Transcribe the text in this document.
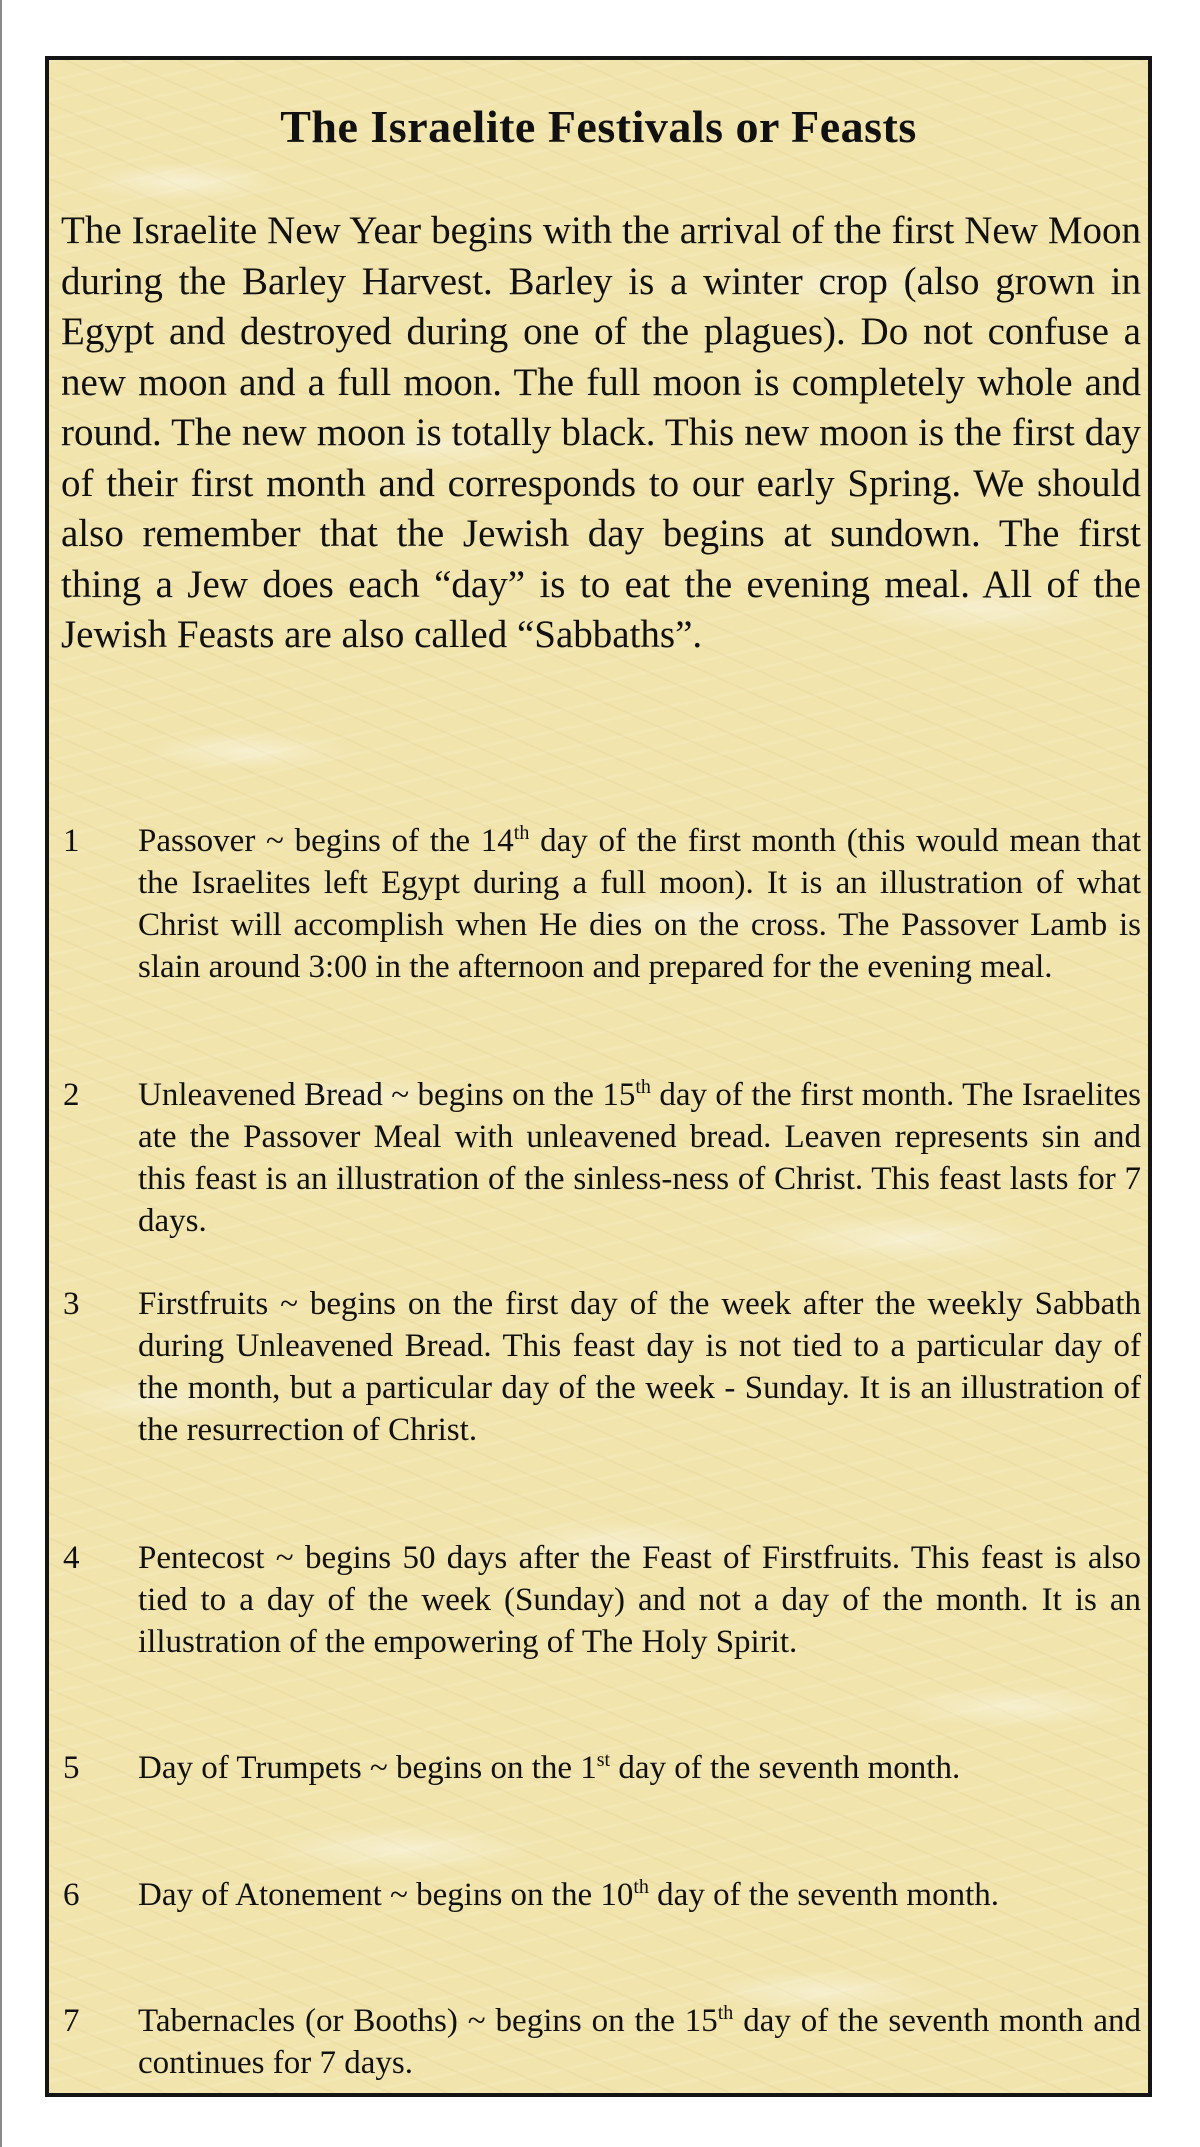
The Israelite Festivals or Feasts

The Israelite New Year begins with the arrival of the first New Moon during the Barley Harvest. Barley is a winter crop (also grown in Egypt and destroyed during one of the plagues). Do not confuse a new moon and a full moon. The full moon is completely whole and round. The new moon is totally black. This new moon is the first day of their first month and corresponds to our early Spring. We should also remember that the Jewish day begins at sundown. The first thing a Jew does each “day” is to eat the evening meal. All of the Jewish Feasts are also called “Sabbaths”.

1 Passover ~ begins of the 14th day of the first month (this would mean that the Israelites left Egypt during a full moon). It is an illustration of what Christ will accomplish when He dies on the cross. The Passover Lamb is slain around 3:00 in the afternoon and prepared for the evening meal.

2 Unleavened Bread ~ begins on the 15th day of the first month. The Israelites ate the Passover Meal with unleavened bread. Leaven represents sin and this feast is an illustration of the sinless-ness of Christ. This feast lasts for 7 days.

3 Firstfruits ~ begins on the first day of the week after the weekly Sabbath during Unleavened Bread. This feast day is not tied to a particular day of the month, but a particular day of the week - Sunday. It is an illustration of the resurrection of Christ.

4 Pentecost ~ begins 50 days after the Feast of Firstfruits. This feast is also tied to a day of the week (Sunday) and not a day of the month. It is an illustration of the empowering of The Holy Spirit.

5 Day of Trumpets ~ begins on the 1st day of the seventh month.

6 Day of Atonement ~ begins on the 10th day of the seventh month.

7 Tabernacles (or Booths) ~ begins on the 15th day of the seventh month and continues for 7 days.
